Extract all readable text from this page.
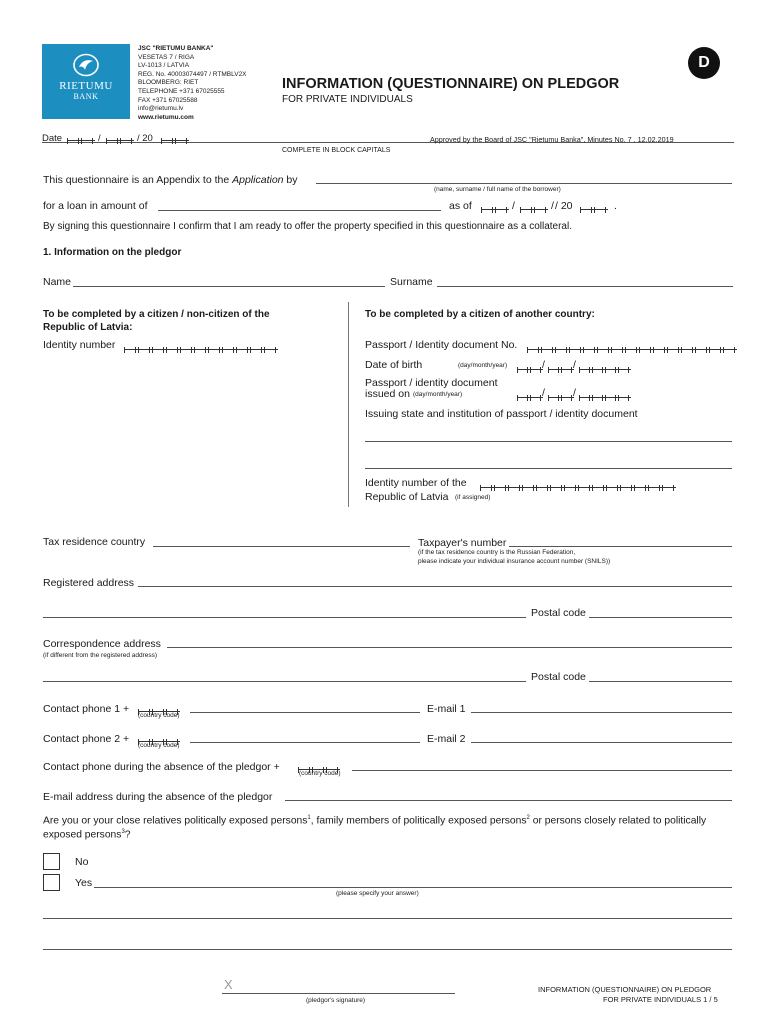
RIETUMU
BANK
JSC "RIETUMU BANKA"
VESETAS 7 / RIGA
LV-1013 / LATVIA
REG. No. 40003074497 / RTMBLV2X
BLOOMBERG: RIET
TELEPHONE +371 67025555
FAX +371 67025588
info@rietumu.lv
www.rietumu.com
INFORMATION (QUESTIONNAIRE) ON PLEDGOR
FOR PRIVATE INDIVIDUALS
D
Date	/	/ 20	Approved by the Board of JSC "Rietumu Banka", Minutes No. 7 , 12.02.2019
COMPLETE IN BLOCK CAPITALS
This questionnaire is an Appendix to the Application by
(name, surname / full name of the borrower)
for a loan in amount of	as of	/	/ / 20	.
By signing this questionnaire I confirm that I am ready to offer the property specified in this questionnaire as a collateral.
1. Information on the pledgor
Name	Surname
To be completed by a citizen / non-citizen of the
Republic of Latvia:
Identity number
To be completed by a citizen of another country:
Passport / Identity document No.
Date of birth	(day/month/year)	/	/
Passport / identity document
issued on (day/month/year)	/	/
Issuing state and institution of passport / identity document
Identity number of the
Republic of Latvia (if assigned)
Tax residence country	Taxpayer's number
(if the tax residence country is the Russian Federation,
please indicate your individual insurance account number (SNILS))
Registered address
Postal code
Correspondence address
(if different from the registered address)
Postal code
Contact phone 1 +
(country code)
E-mail 1
Contact phone 2 +
(country code)
E-mail 2
Contact phone during the absence of the pledgor +
(country code)
E-mail address during the absence of the pledgor
Are you or your close relatives politically exposed persons$^1$, family members of politically exposed persons$^2$ or persons closely related to politically
exposed persons$^3$?
No
Yes
(please specify your answer)
X
(pledgor's signature)
INFORMATION (QUESTIONNAIRE) ON PLEDGOR
FOR PRIVATE INDIVIDUALS 1 / 5
